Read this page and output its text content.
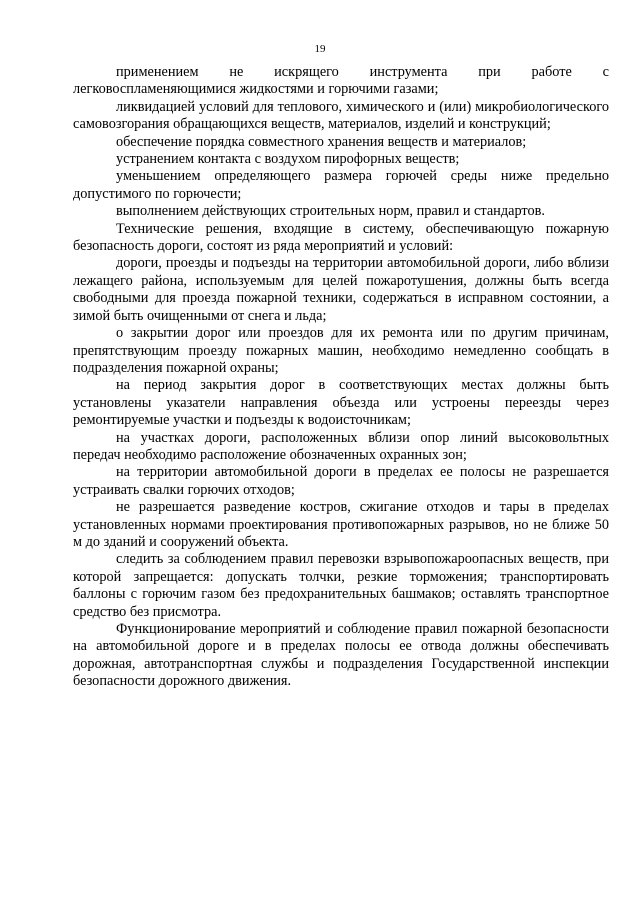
19

применением не искрящего инструмента при работе с легковоспламеняющимися жидкостями и горючими газами;

ликвидацией условий для теплового, химического и (или) микробиологического самовозгорания обращающихся веществ, материалов, изделий и конструкций;

обеспечение порядка совместного хранения веществ и материалов;

устранением контакта с воздухом пирофорных веществ;

уменьшением определяющего размера горючей среды ниже предельно допустимого по горючести;

выполнением действующих строительных норм, правил и стандартов.

Технические решения, входящие в систему, обеспечивающую пожарную безопасность дороги, состоят из ряда мероприятий и условий:

дороги, проезды и подъезды на территории автомобильной дороги, либо вблизи лежащего района, используемым для целей пожаротушения, должны быть всегда свободными для проезда пожарной техники, содержаться в исправном состоянии, а зимой быть очищенными от снега и льда;

о закрытии дорог или проездов для их ремонта или по другим причинам, препятствующим проезду пожарных машин, необходимо немедленно сообщать в подразделения пожарной охраны;

на период закрытия дорог в соответствующих местах должны быть установлены указатели направления объезда или устроены переезды через ремонтируемые участки и подъезды к водоисточникам;

на участках дороги, расположенных вблизи опор линий высоковольтных передач необходимо расположение обозначенных охранных зон;

на территории автомобильной дороги в пределах ее полосы не разрешается устраивать свалки горючих отходов;

не разрешается разведение костров, сжигание отходов и тары в пределах установленных нормами проектирования противопожарных разрывов, но не ближе 50 м до зданий и сооружений объекта.

следить за соблюдением правил перевозки взрывопожароопасных веществ, при которой запрещается: допускать толчки, резкие торможения; транспортировать баллоны с горючим газом без предохранительных башмаков; оставлять транспортное средство без присмотра.

Функционирование мероприятий и соблюдение правил пожарной безопасности на автомобильной дороге и в пределах полосы ее отвода должны обеспечивать дорожная, автотранспортная службы и подразделения Государственной инспекции безопасности дорожного движения.
